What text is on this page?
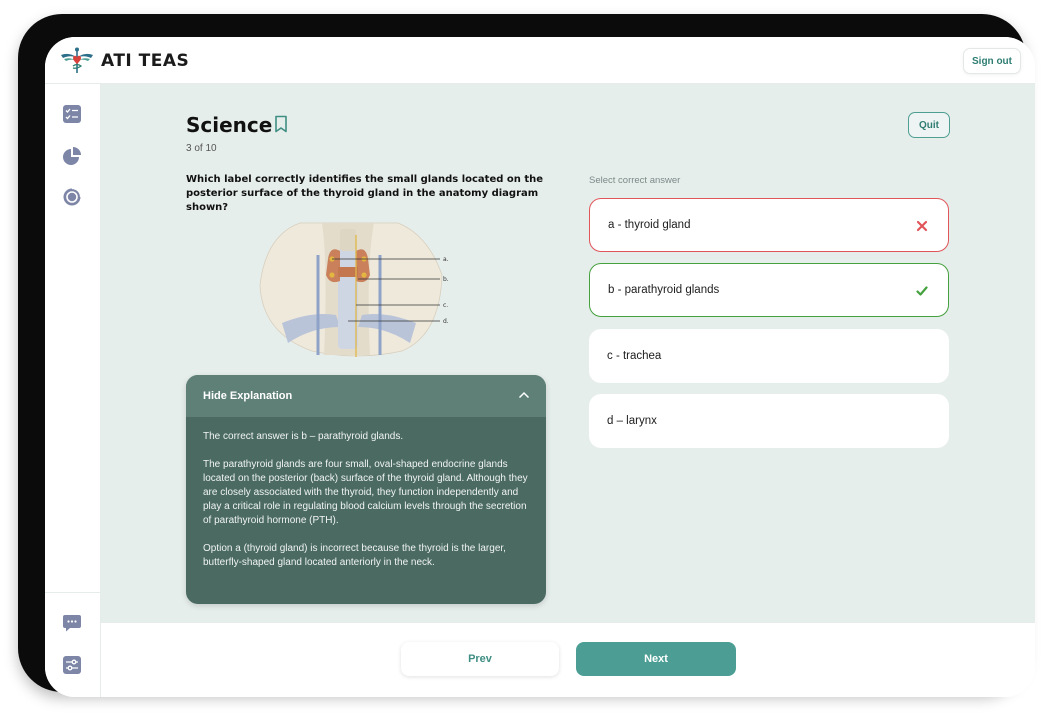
ATI TEAS	Sign out
Science
3 of 10
Quit
Which label correctly identifies the small glands located on the posterior surface of the thyroid gland in the anatomy diagram shown?
a.
b.
c.
d.
Hide Explanation

The correct answer is b – parathyroid glands.

The parathyroid glands are four small, oval-shaped endocrine glands located on the posterior (back) surface of the thyroid gland. Although they are closely associated with the thyroid, they function independently and play a critical role in regulating blood calcium levels through the secretion of parathyroid hormone (PTH).

Option a (thyroid gland) is incorrect because the thyroid is the larger, butterfly-shaped gland located anteriorly in the neck.

Select correct answer
a - thyroid gland
b - parathyroid glands
c - trachea
d – larynx
Prev	Next
